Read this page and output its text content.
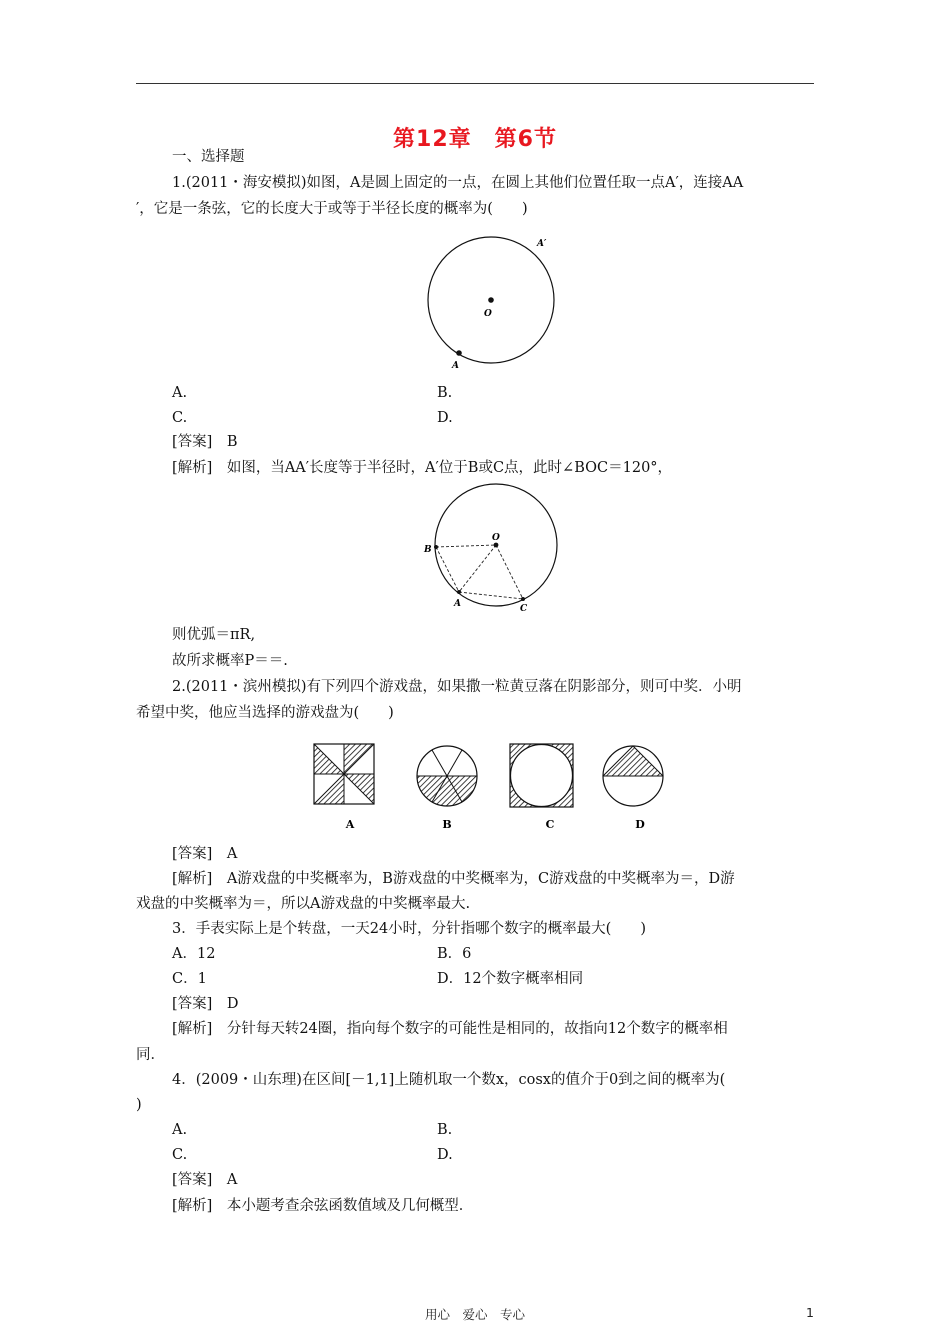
第12章　第6节
一、选择题
1.(2011・海安模拟)如图，A是圆上固定的一点，在圆上其他们位置任取一点A′，连接AA
′，它是一条弦，它的长度大于或等于半径长度的概率为(　　)
A′
O
A
A.	B.
C.	D.
[答案]　B
[解析]　如图，当AA′长度等于半径时，A′位于B或C点，此时∠BOC＝120°，
B
O
A	C
则优弧＝πR,
故所求概率P＝＝.
2.(2011・滨州模拟)有下列四个游戏盘，如果撒一粒黄豆落在阴影部分，则可中奖．小明
希望中奖，他应当选择的游戏盘为(　　)
A	B	C	D
[答案]　A
[解析]　A游戏盘的中奖概率为，B游戏盘的中奖概率为，C游戏盘的中奖概率为＝，D游
戏盘的中奖概率为＝，所以A游戏盘的中奖概率最大.
3．手表实际上是个转盘，一天24小时，分针指哪个数字的概率最大(　　)
A．12	B．6
C．1	D．12个数字概率相同
[答案]　D
[解析]　分针每天转24圈，指向每个数字的可能性是相同的，故指向12个数字的概率相
同．
4．(2009・山东理)在区间[－1,1]上随机取一个数x，cosx的值介于0到之间的概率为(
)
A.	B.
C.	D.
[答案]　A
[解析]　本小题考查余弦函数值域及几何概型．
用心　爱心　专心	1
